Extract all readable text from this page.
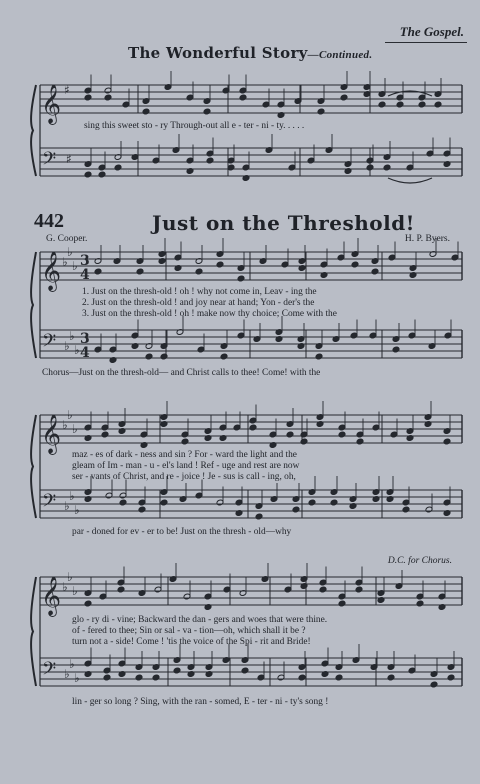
The Gospel.
The Wonderful Story—Continued.
𝄞
𝄢
♯
♯
𝄞
𝄢
♭
♭
♭
♭
♭
♭
3
4
3
4
𝄞
𝄢
♭
♭
♭
♭
♭
♭
𝄞
𝄢
♭
♭
♭
♭
♭
♭
sing this sweet sto - ry Through-out all e - ter - ni - ty. . . . .
442	Just on the Threshold!
G. Cooper.	H. P. Byers.
1. Just on the thresh-old ! oh ! why not come in, Leav - ing the
2. Just on the thresh-old ! and joy near at hand; Yon - der's the
3. Just on the thresh-old ! oh ! make now thy choice; Come with the
Chorus—Just on the thresh-old— and Christ calls to thee! Come! with the
maz - es of dark - ness and sin ? For - ward the light and the
gleam of Im - man - u - el's land ! Ref - uge and rest are now
ser - vants of Christ, and re - joice ! Je - sus is call - ing, oh,
par - doned for ev - er to be! Just on the thresh - old—why
D.C. for Chorus.
glo - ry di - vine; Backward the dan - gers and woes that were thine.
of - fered to thee; Sin or sal - va - tion—oh, which shall it be ?
turn not a - side! Come ! 'tis the voice of the Spi - rit and Bride!
lin - ger so long ? Sing, with the ran - somed, E - ter - ni - ty's song !
